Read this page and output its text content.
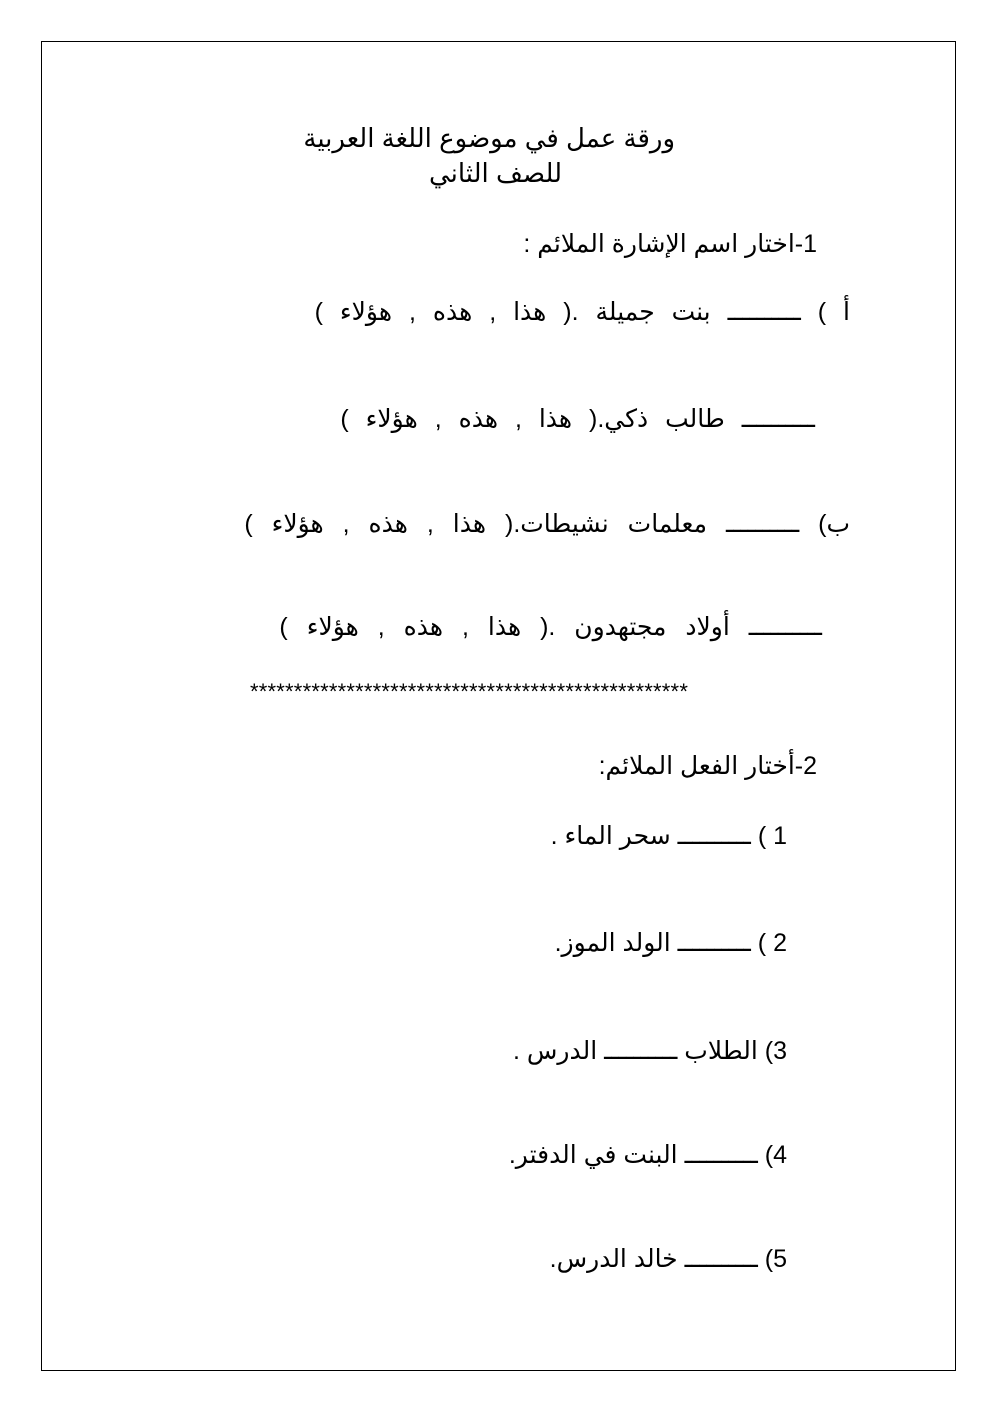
ورقة عمل في موضوع اللغة العربية
للصف الثاني
1-اختار اسم الإشارة الملائم :
أ ) ــــــــــ بنت جميلة .( هذا , هذه , هؤلاء )
ــــــــــ طالب ذكي.( هذا , هذه , هؤلاء )
ب) ــــــــــ معلمات نشيطات.( هذا , هذه , هؤلاء )
ــــــــــ أولاد مجتهدون .( هذا , هذه , هؤلاء )
**************************************************
2-أختار الفعل الملائم:
1 ) ــــــــــ سحر الماء .
2 ) ــــــــــ الولد الموز.
3) الطلاب ــــــــــ الدرس .
4) ــــــــــ البنت في الدفتر.
5) ــــــــــ خالد الدرس.
